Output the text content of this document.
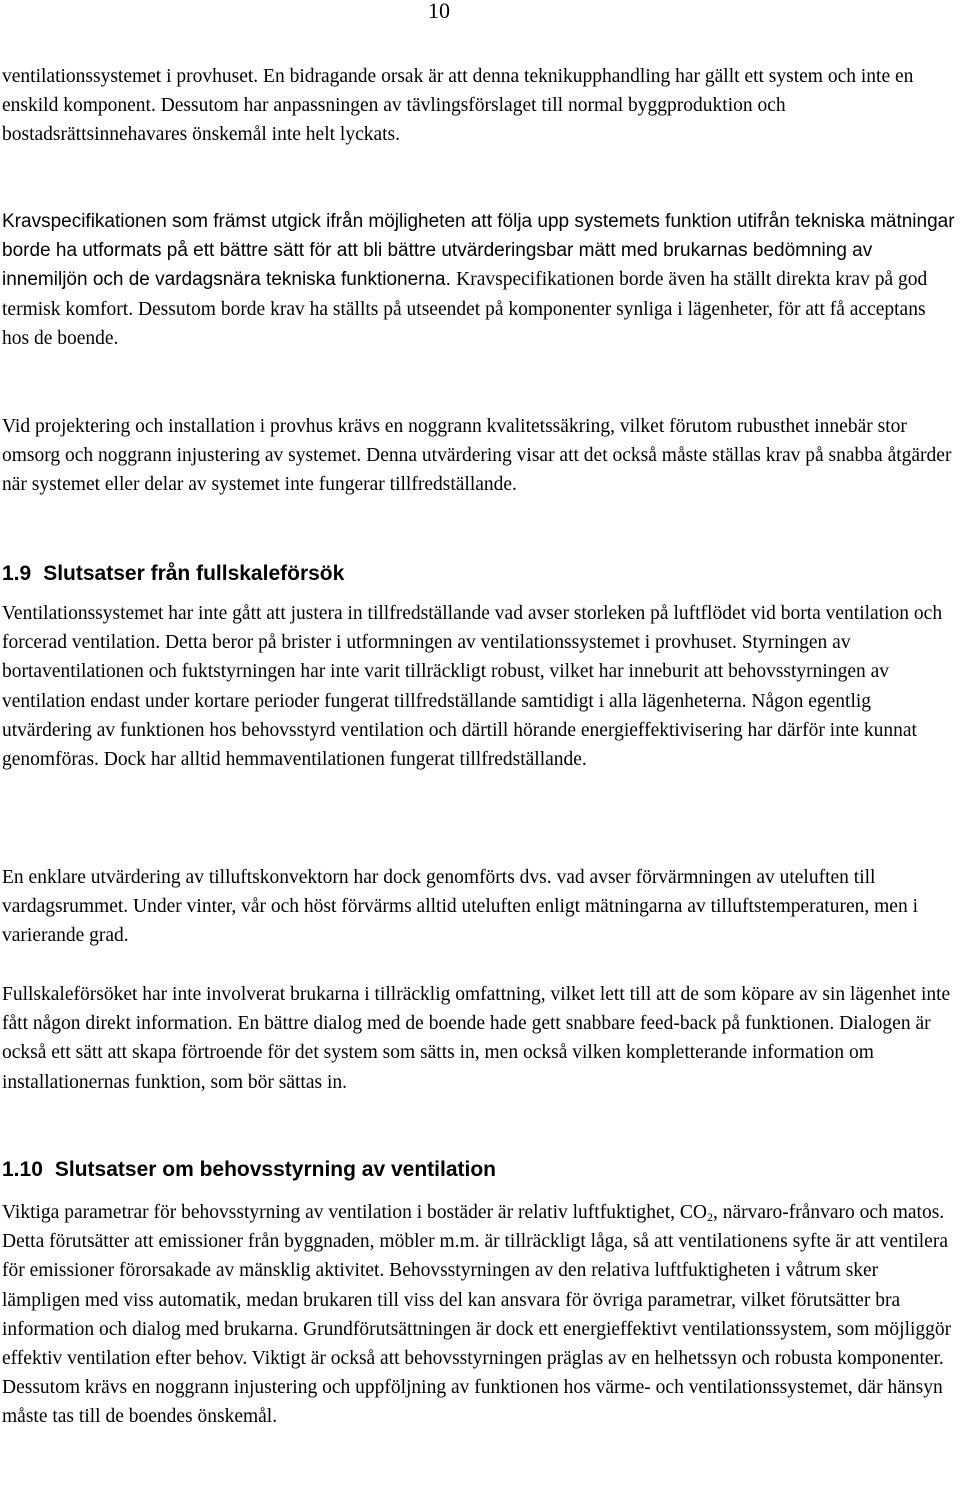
10

ventilationssystemet i provhuset. En bidragande orsak är att denna teknikupphandling har gällt ett system och inte en enskild komponent. Dessutom har anpassningen av tävlingsförslaget till normal byggproduktion och bostadsrättsinnehavares önskemål inte helt lyckats.

Kravspecifikationen som främst utgick ifrån möjligheten att följa upp systemets funktion utifrån tekniska mätningar borde ha utformats på ett bättre sätt för att bli bättre utvärderingsbar mätt med brukarnas bedömning av innemiljön och de vardagsnära tekniska funktionerna. Kravspecifikationen borde även ha ställt direkta krav på god termisk komfort. Dessutom borde krav ha ställts på utseendet på komponenter synliga i lägenheter, för att få acceptans hos de boende.

Vid projektering och installation i provhus krävs en noggrann kvalitetssäkring, vilket förutom rubusthet innebär stor omsorg och noggrann injustering av systemet. Denna utvärdering visar att det också måste ställas krav på snabba åtgärder när systemet eller delar av systemet inte fungerar tillfredställande.

1.9 Slutsatser från fullskaleförsök

Ventilationssystemet har inte gått att justera in tillfredställande vad avser storleken på luftflödet vid borta ventilation och forcerad ventilation. Detta beror på brister i utformningen av ventilationssystemet i provhuset. Styrningen av bortaventilationen och fuktstyrningen har inte varit tillräckligt robust, vilket har inneburit att behovsstyrningen av ventilation endast under kortare perioder fungerat tillfredställande samtidigt i alla lägenheterna. Någon egentlig utvärdering av funktionen hos behovsstyrd ventilation och därtill hörande energieffektivisering har därför inte kunnat genomföras. Dock har alltid hemmaventilationen fungerat tillfredställande.

En enklare utvärdering av tilluftskonvektorn har dock genomförts dvs. vad avser förvärmningen av uteluften till vardagsrummet. Under vinter, vår och höst förvärms alltid uteluften enligt mätningarna av tilluftstemperaturen, men i varierande grad.

Fullskaleförsöket har inte involverat brukarna i tillräcklig omfattning, vilket lett till att de som köpare av sin lägenhet inte fått någon direkt information. En bättre dialog med de boende hade gett snabbare feed-back på funktionen. Dialogen är också ett sätt att skapa förtroende för det system som sätts in, men också vilken kompletterande information om installationernas funktion, som bör sättas in.

1.10 Slutsatser om behovsstyrning av ventilation

Viktiga parametrar för behovsstyrning av ventilation i bostäder är relativ luftfuktighet, $CO_2$, närvaro-frånvaro och matos. Detta förutsätter att emissioner från byggnaden, möbler m.m. är tillräckligt låga, så att ventilationens syfte är att ventilera för emissioner förorsakade av mänsklig aktivitet. Behovsstyrningen av den relativa luftfuktigheten i våtrum sker lämpligen med viss automatik, medan brukaren till viss del kan ansvara för övriga parametrar, vilket förutsätter bra information och dialog med brukarna. Grundförutsättningen är dock ett energieffektivt ventilationssystem, som möjliggör effektiv ventilation efter behov. Viktigt är också att behovsstyrningen präglas av en helhetssyn och robusta komponenter. Dessutom krävs en noggrann injustering och uppföljning av funktionen hos värme- och ventilationssystemet, där hänsyn måste tas till de boendes önskemål.
